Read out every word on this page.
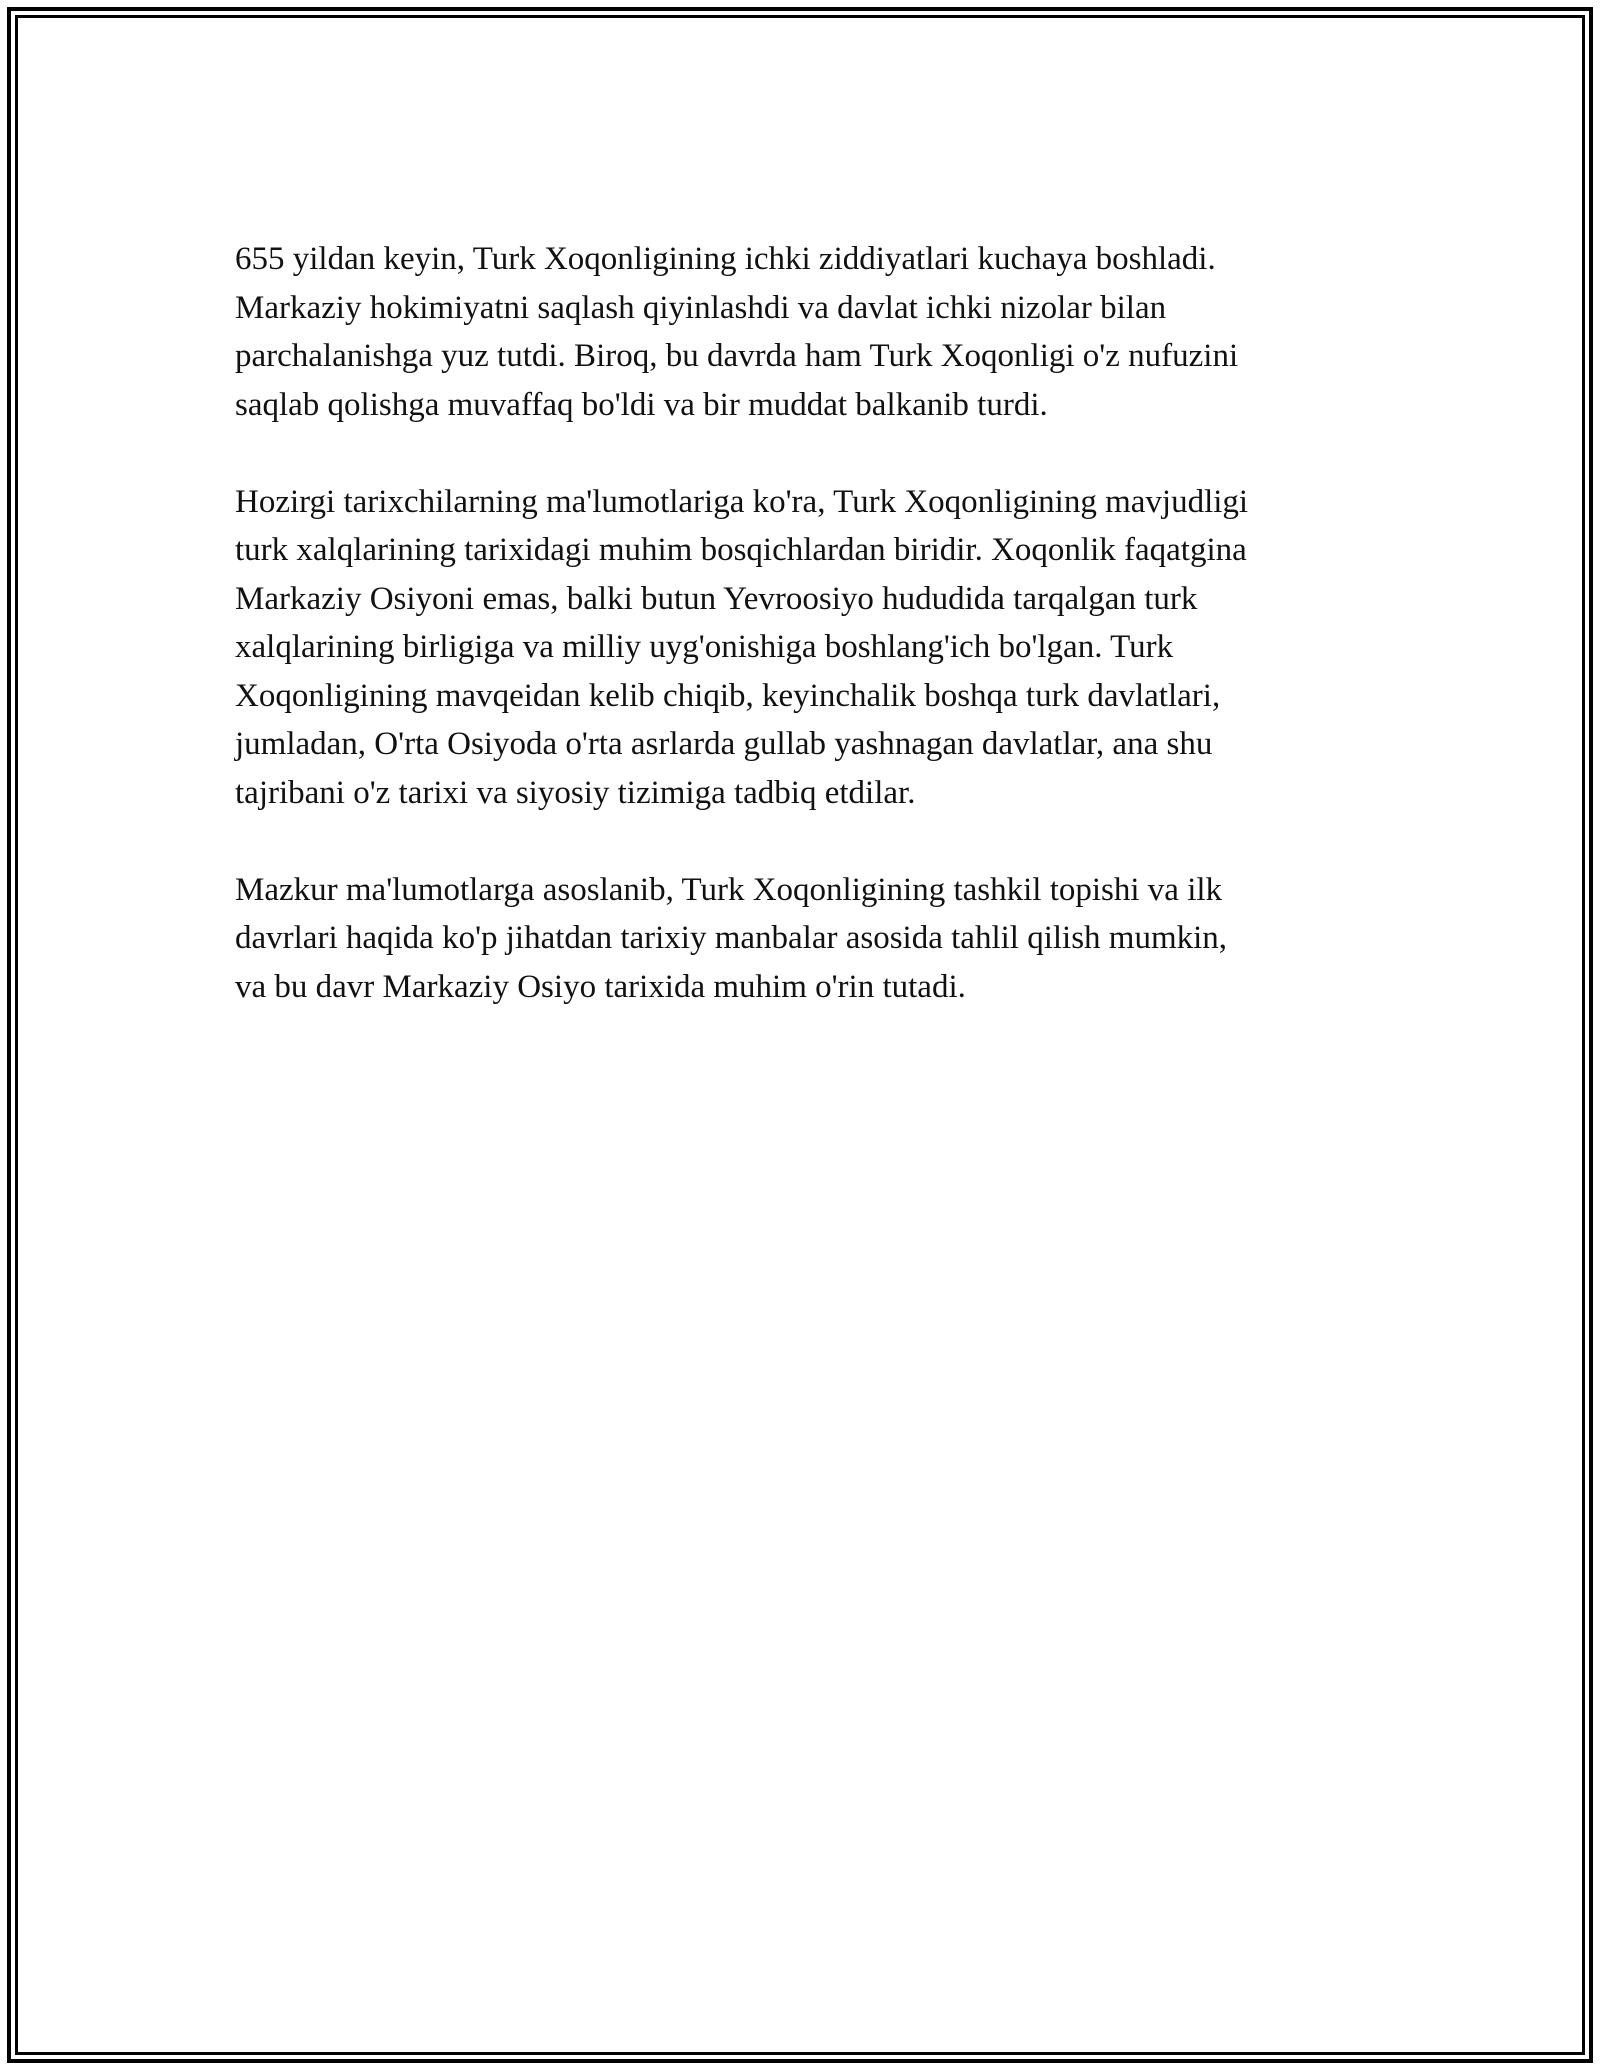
655 yildan keyin, Turk Xoqonligining ichki ziddiyatlari kuchaya boshladi.
Markaziy hokimiyatni saqlash qiyinlashdi va davlat ichki nizolar bilan
parchalanishga yuz tutdi. Biroq, bu davrda ham Turk Xoqonligi o'z nufuzini
saqlab qolishga muvaffaq bo'ldi va bir muddat balkanib turdi.

Hozirgi tarixchilarning ma'lumotlariga ko'ra, Turk Xoqonligining mavjudligi
turk xalqlarining tarixidagi muhim bosqichlardan biridir. Xoqonlik faqatgina
Markaziy Osiyoni emas, balki butun Yevroosiyo hududida tarqalgan turk
xalqlarining birligiga va milliy uyg'onishiga boshlang'ich bo'lgan. Turk
Xoqonligining mavqeidan kelib chiqib, keyinchalik boshqa turk davlatlari,
jumladan, O'rta Osiyoda o'rta asrlarda gullab yashnagan davlatlar, ana shu
tajribani o'z tarixi va siyosiy tizimiga tadbiq etdilar.

Mazkur ma'lumotlarga asoslanib, Turk Xoqonligining tashkil topishi va ilk
davrlari haqida ko'p jihatdan tarixiy manbalar asosida tahlil qilish mumkin,
va bu davr Markaziy Osiyo tarixida muhim o'rin tutadi.
